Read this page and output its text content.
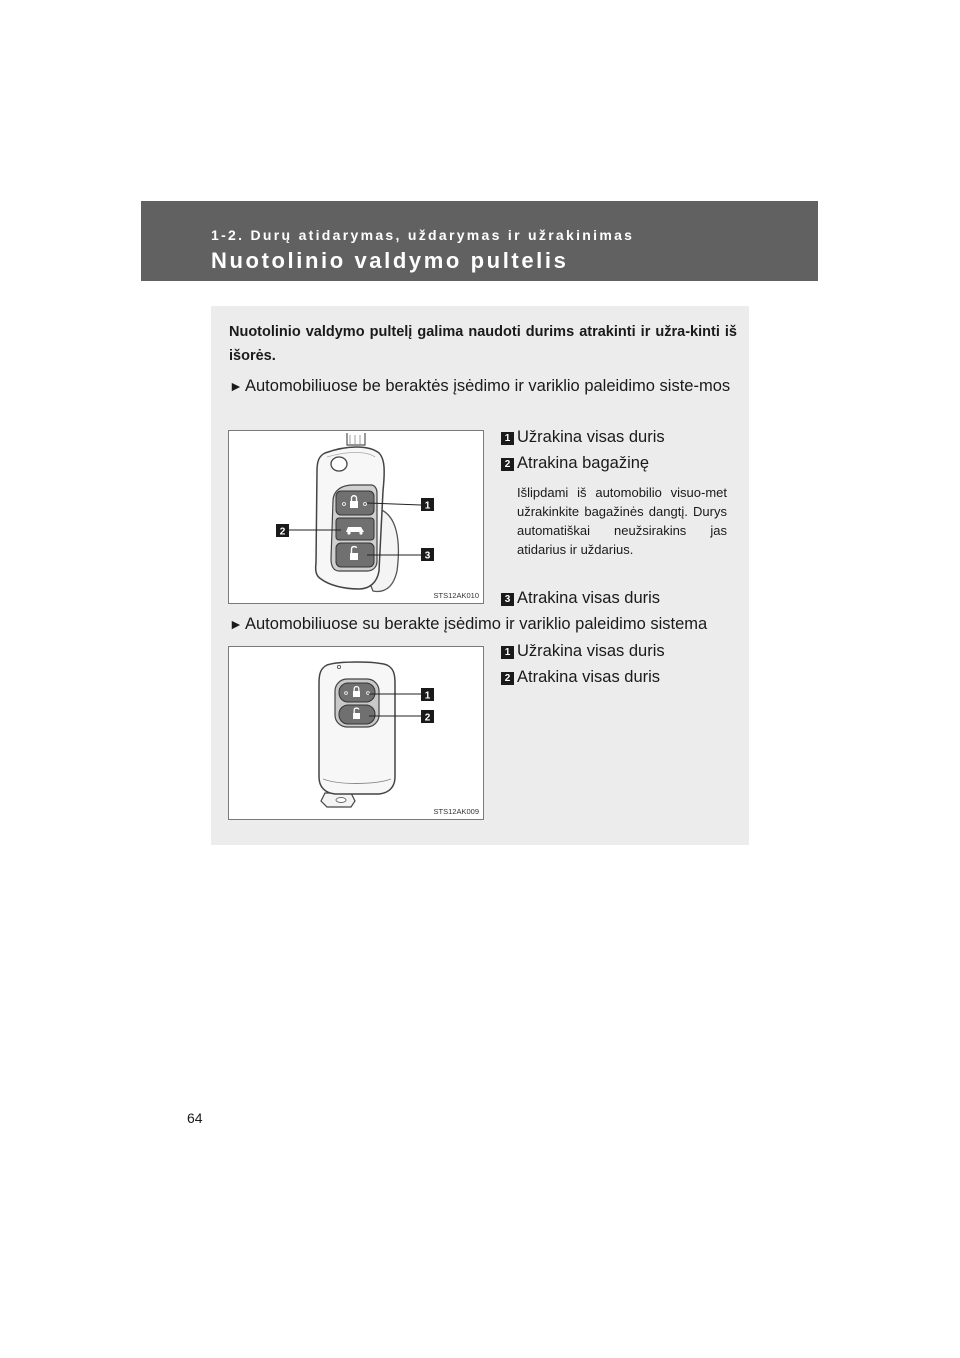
1-2. Durų atidarymas, uždarymas ir užrakinimas
Nuotolinio valdymo pultelis
Nuotolinio valdymo pultelį galima naudoti durims atrakinti ir užra-kinti iš išorės.
► Automobiliuose be beraktės įsėdimo ir variklio paleidimo siste-mos
1
2
3
STS12AK010
1 Užrakina visas duris
2 Atrakina bagažinę
Išlipdami iš automobilio visuo-met užrakinkite bagažinės dangtį. Durys automatiškai neužsirakins jas atidarius ir uždarius.
3 Atrakina visas duris
► Automobiliuose su berakte įsėdimo ir variklio paleidimo sistema
1
2
STS12AK009
1 Užrakina visas duris
2 Atrakina visas duris
64
